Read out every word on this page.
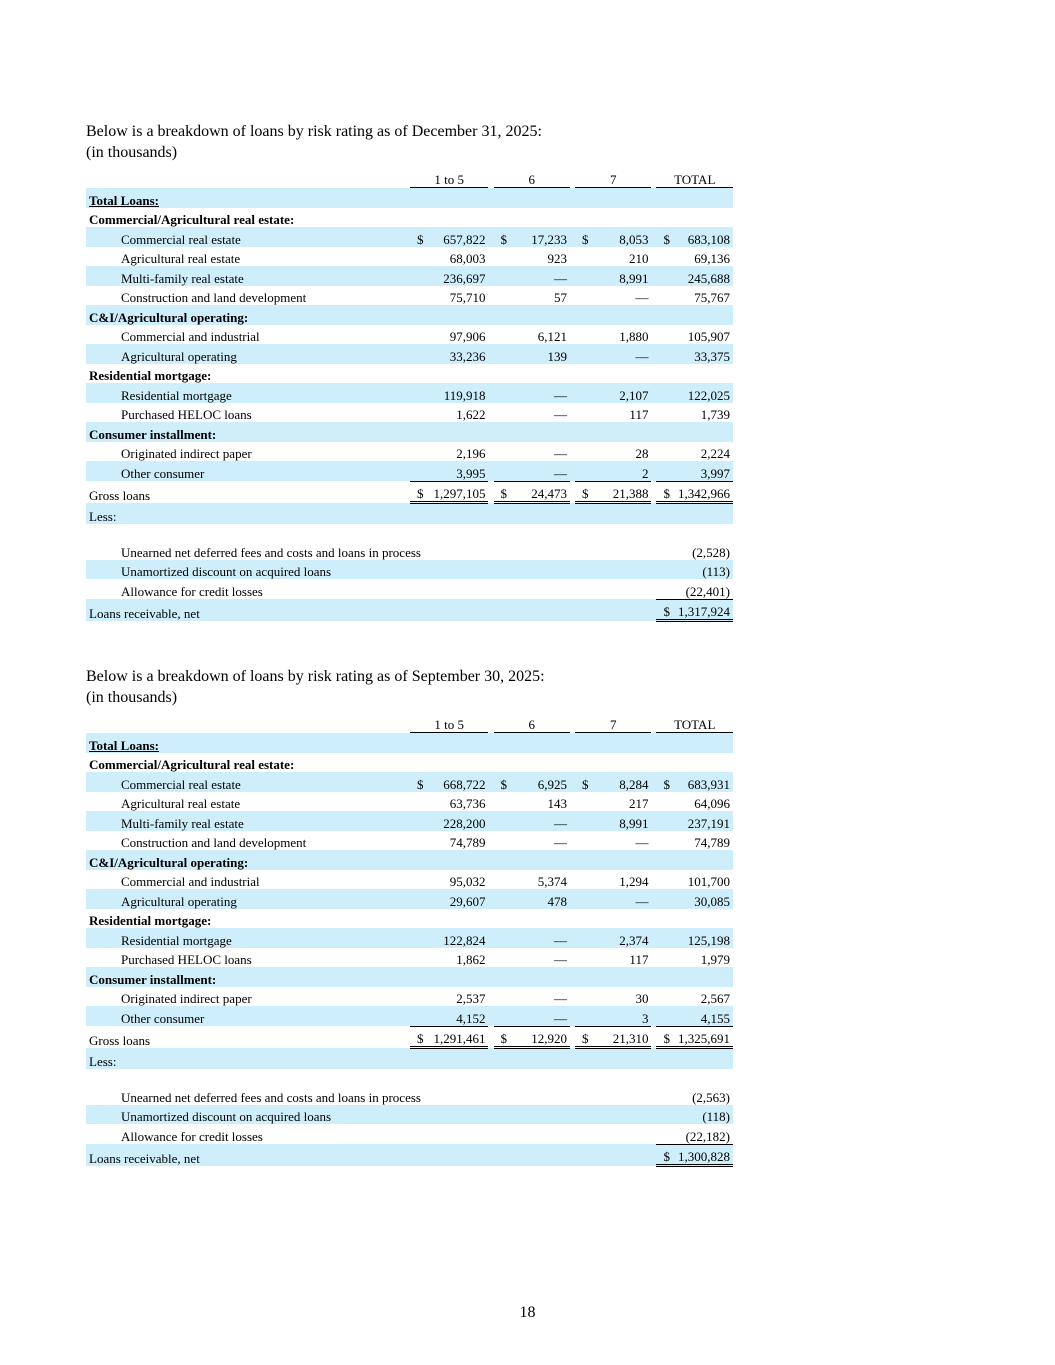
Below is a breakdown of loans by risk rating as of December 31, 2025:
(in thousands)
	1 to 5		6		7		TOTAL
Total Loans:							
Commercial/Agricultural real estate:							
Commercial real estate	$ 657,822		$ 17,233		$ 8,053		$ 683,108
Agricultural real estate	68,003		923		210		69,136
Multi-family real estate	236,697		—		8,991		245,688
Construction and land development	75,710		57		—		75,767
C&I/Agricultural operating:							
Commercial and industrial	97,906		6,121		1,880		105,907
Agricultural operating	33,236		139		—		33,375
Residential mortgage:							
Residential mortgage	119,918		—		2,107		122,025
Purchased HELOC loans	1,622		—		117		1,739
Consumer installment:							
Originated indirect paper	2,196		—		28		2,224
Other consumer	3,995		—		2		3,997
Gross loans	$ 1,297,105		$ 24,473		$ 21,388		$ 1,342,966
Less:							
Unearned net deferred fees and costs and loans in process							(2,528)
Unamortized discount on acquired loans							(113)
Allowance for credit losses							(22,401)
Loans receivable, net							$ 1,317,924
Below is a breakdown of loans by risk rating as of September 30, 2025:
(in thousands)
	1 to 5		6		7		TOTAL
Total Loans:							
Commercial/Agricultural real estate:							
Commercial real estate	$ 668,722		$ 6,925		$ 8,284		$ 683,931
Agricultural real estate	63,736		143		217		64,096
Multi-family real estate	228,200		—		8,991		237,191
Construction and land development	74,789		—		—		74,789
C&I/Agricultural operating:							
Commercial and industrial	95,032		5,374		1,294		101,700
Agricultural operating	29,607		478		—		30,085
Residential mortgage:							
Residential mortgage	122,824		—		2,374		125,198
Purchased HELOC loans	1,862		—		117		1,979
Consumer installment:							
Originated indirect paper	2,537		—		30		2,567
Other consumer	4,152		—		3		4,155
Gross loans	$ 1,291,461		$ 12,920		$ 21,310		$ 1,325,691
Less:							
Unearned net deferred fees and costs and loans in process							(2,563)
Unamortized discount on acquired loans							(118)
Allowance for credit losses							(22,182)
Loans receivable, net							$ 1,300,828
18
